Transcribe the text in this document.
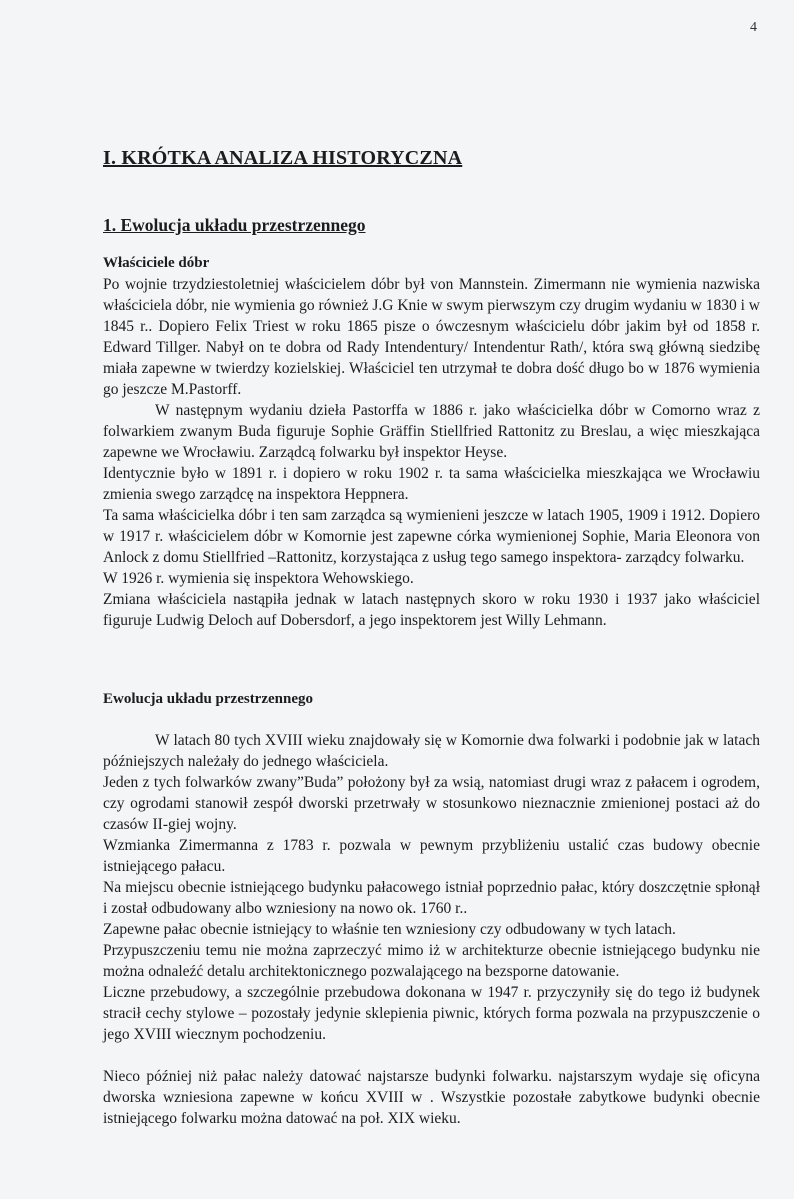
4
I. KRÓTKA ANALIZA HISTORYCZNA
1. Ewolucja układu przestrzennego
Właściciele dóbr

Po wojnie trzydziestoletniej właścicielem dóbr był von Mannstein. Zimermann nie wymienia nazwiska właściciela dóbr, nie wymienia go również J.G Knie w swym pierwszym czy drugim wydaniu w 1830 i w 1845 r.. Dopiero Felix Triest w roku 1865 pisze o ówczesnym właścicielu dóbr jakim był od 1858 r. Edward Tillger. Nabył on te dobra od Rady Intendentury/ Intendentur Rath/, która swą główną siedzibę miała zapewne w twierdzy kozielskiej. Właściciel ten utrzymał te dobra dość długo bo w 1876 wymienia go jeszcze M.Pastorff.

W następnym wydaniu dzieła Pastorffa w 1886 r. jako właścicielka dóbr w Comorno wraz z folwarkiem zwanym Buda figuruje Sophie Gräffin Stiellfried Rattonitz zu Breslau, a więc mieszkająca zapewne we Wrocławiu. Zarządcą folwarku był inspektor Heyse.

Identycznie było w 1891 r. i dopiero w roku 1902 r. ta sama właścicielka mieszkająca we Wrocławiu zmienia swego zarządcę na inspektora Heppnera.

Ta sama właścicielka dóbr i ten sam zarządca są wymienieni jeszcze w latach 1905, 1909 i 1912. Dopiero w 1917 r. właścicielem dóbr w Komornie jest zapewne córka wymienionej Sophie, Maria Eleonora von Anlock z domu Stiellfried –Rattonitz, korzystająca z usług tego samego inspektora- zarządcy folwarku.

W 1926 r. wymienia się inspektora Wehowskiego.

Zmiana właściciela nastąpiła jednak w latach następnych skoro w roku 1930 i 1937 jako właściciel figuruje Ludwig Deloch auf Dobersdorf, a jego inspektorem jest Willy Lehmann.

Ewolucja układu przestrzennego

W latach 80 tych XVIII wieku znajdowały się w Komornie dwa folwarki i podobnie jak w latach późniejszych należały do jednego właściciela.

Jeden z tych folwarków zwany”Buda” położony był za wsią, natomiast drugi wraz z pałacem i ogrodem, czy ogrodami stanowił zespół dworski przetrwały w stosunkowo nieznacznie zmienionej postaci aż do czasów II-giej wojny.

Wzmianka Zimermanna z 1783 r. pozwala w pewnym przybliżeniu ustalić czas budowy obecnie istniejącego pałacu.

Na miejscu obecnie istniejącego budynku pałacowego istniał poprzednio pałac, który doszczętnie spłonął i został odbudowany albo wzniesiony na nowo ok. 1760 r..

Zapewne pałac obecnie istniejący to właśnie ten wzniesiony czy odbudowany w tych latach.

Przypuszczeniu temu nie można zaprzeczyć mimo iż w architekturze obecnie istniejącego budynku nie można odnaleźć detalu architektonicznego pozwalającego na bezsporne datowanie.

Liczne przebudowy, a szczególnie przebudowa dokonana w 1947 r. przyczyniły się do tego iż budynek stracił cechy stylowe – pozostały jedynie sklepienia piwnic, których forma pozwala na przypuszczenie o jego XVIII wiecznym pochodzeniu.

Nieco później niż pałac należy datować najstarsze budynki folwarku. najstarszym wydaje się oficyna dworska wzniesiona zapewne w końcu XVIII w . Wszystkie pozostałe zabytkowe budynki obecnie istniejącego folwarku można datować na poł. XIX wieku.
